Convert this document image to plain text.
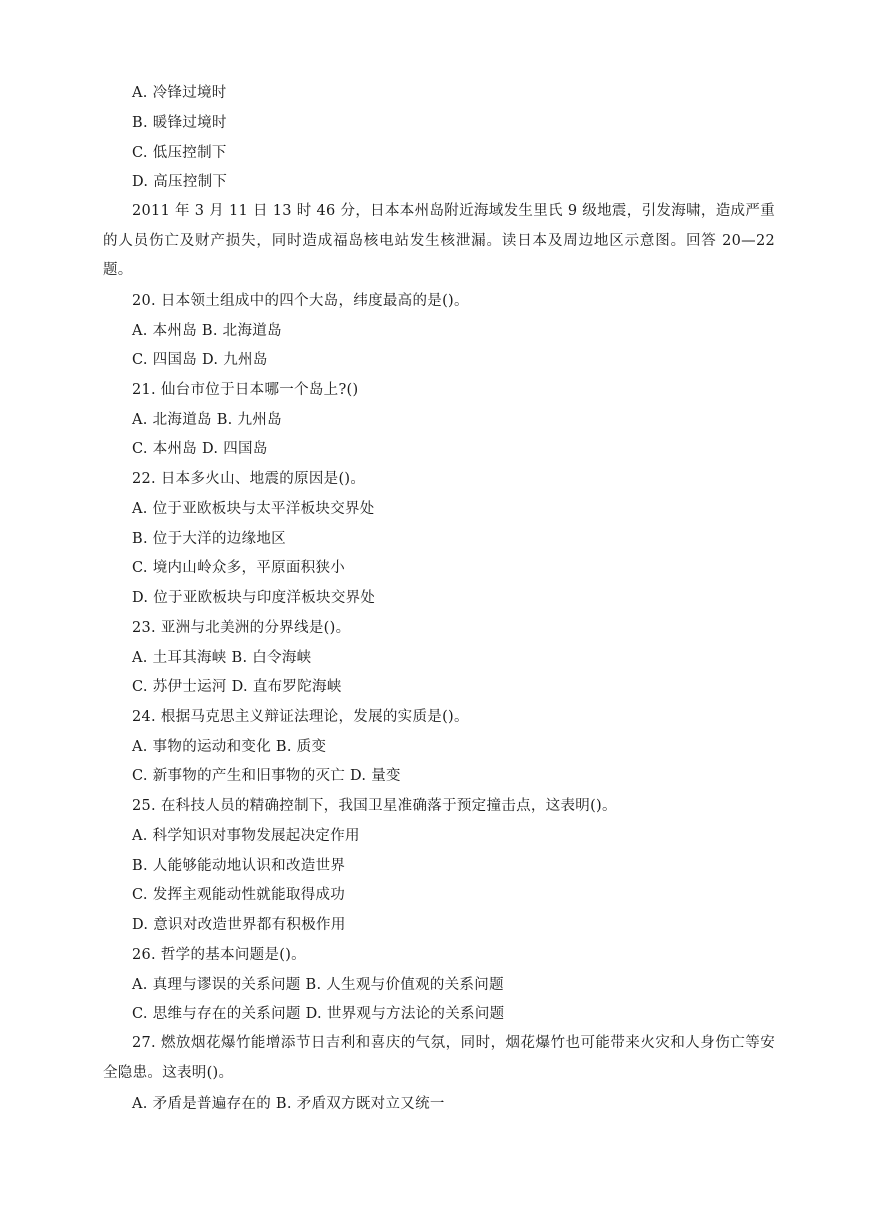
A. 冷锋过境时
B. 暖锋过境时
C. 低压控制下
D. 高压控制下

2011 年 3 月 11 日 13 时 46 分，日本本州岛附近海域发生里氏 9 级地震，引发海啸，造成严重的人员伤亡及财产损失，同时造成福岛核电站发生核泄漏。读日本及周边地区示意图。回答 20—22 题。

20. 日本领土组成中的四个大岛，纬度最高的是()。
A. 本州岛 B. 北海道岛
C. 四国岛 D. 九州岛
21. 仙台市位于日本哪一个岛上?()
A. 北海道岛 B. 九州岛
C. 本州岛 D. 四国岛
22. 日本多火山、地震的原因是()。
A. 位于亚欧板块与太平洋板块交界处
B. 位于大洋的边缘地区
C. 境内山岭众多，平原面积狭小
D. 位于亚欧板块与印度洋板块交界处
23. 亚洲与北美洲的分界线是()。
A. 土耳其海峡 B. 白令海峡
C. 苏伊士运河 D. 直布罗陀海峡
24. 根据马克思主义辩证法理论，发展的实质是()。
A. 事物的运动和变化 B. 质变
C. 新事物的产生和旧事物的灭亡 D. 量变
25. 在科技人员的精确控制下，我国卫星准确落于预定撞击点，这表明()。
A. 科学知识对事物发展起决定作用
B. 人能够能动地认识和改造世界
C. 发挥主观能动性就能取得成功
D. 意识对改造世界都有积极作用
26. 哲学的基本问题是()。
A. 真理与谬误的关系问题 B. 人生观与价值观的关系问题
C. 思维与存在的关系问题 D. 世界观与方法论的关系问题

27. 燃放烟花爆竹能增添节日吉利和喜庆的气氛，同时，烟花爆竹也可能带来火灾和人身伤亡等安全隐患。这表明()。

A. 矛盾是普遍存在的 B. 矛盾双方既对立又统一
